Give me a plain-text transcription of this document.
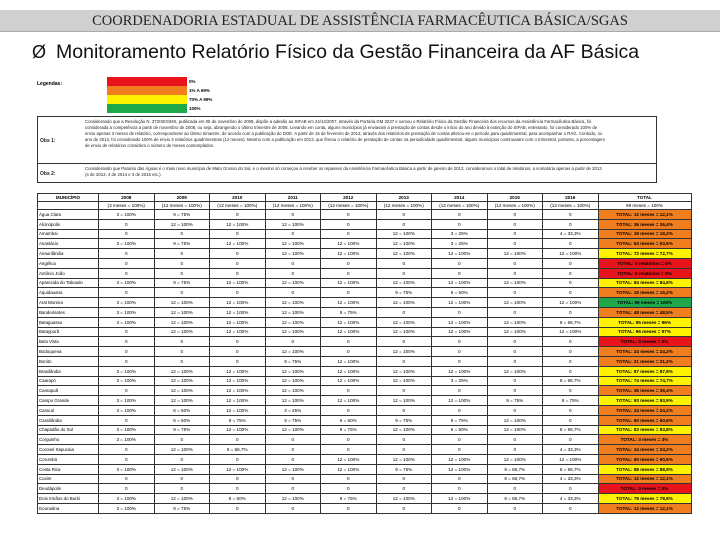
COORDENADORIA ESTADUAL DE ASSISTÊNCIA FARMACÊUTICA BÁSICA/SGAS
Ø Monitoramento Relatório Físico da Gestão Financeira da AF Básica
Legendas:	0%
1% A 69%
70% A 99%
100%
Obs 1:
Considerando que a Resolução N. 373/SES/MS, publicada em 05 de novembro de 2008, dispõe a adesão ao SIFAB em 24/12/2007, através da Portaria GM 3237 e somou o Relatório Físico da Gestão Financeira dos recursos da Assistência Farmacêutica Básica, foi considerada a competência a partir de novembro de 2008, ou seja, abrangendo o último trimestre de 2008. Levando em conta, alguns municípios já enviavam a prestação de contas desde o início do ano devido à extinção do SIFAB, entretanto, foi considerado 100% de envio apenas 3 meses de relatório, correspondente ao último trimestre, de acordo com a publicação do DOE. A partir de 15 de fevereiro de 2013, através dos relatórios de prestação de contas alterou-se o período para quadrimestral, para acompanhar o RAG. Contudo, no ano de 2013, foi considerado 100% de envio 3 relatórios quadrimestrais (12 meses). Mesmo com a publicação em 2013, que firmou o relatório de prestação de contas na periodicidade quadrimestral, alguns municípios continuaram com o trimestral, portanto, a porcentagem de envio de relatórios considera o número de meses contemplados.
Obs 2:
Considerando que Paraíso das Águas é o mais novo município de Mato Grosso do Sul, e o mesmo só começou a receber os repasses da Assistência Farmacêutica Básica a partir de janeiro de 2013, consideramos o total de relatórios, a somatória apenas a partir de 2013 (4 de 2013, 4 de 2014 e 3 de 2015 etc.).
MUNICÍPIO	2008	2009	2010	2011	2012	2013	2014	2015	2016	TOTAL
	(3 meses = 100%)	(12 meses = 100%)	(12 meses = 100%)	(12 meses = 100%)	(12 meses = 100%)	(12 meses = 100%)	(12 meses = 100%)	(12 meses = 100%)	(12 meses = 100%)	99 meses = 100%
Água Clara	3 = 100%	9 = 75%	0	0	0	0	0	0	0	TOTAL: 12 meses = 12,1%
Alcinópolis	0	12 = 100%	12 = 100%	12 = 100%	0	0	0	0	0	TOTAL: 36 meses = 36,4%
Amambai	0	0	0	0	0	12 = 100%	3 = 25%	0	4 = 33,3%	TOTAL: 19 meses = 19,2%
Anastácio	3 = 100%	9 = 75%	12 = 100%	12 = 100%	12 = 100%	12 = 100%	3 = 25%	0	0	TOTAL: 63 meses = 63,6%
Anaurilândia	0	0	0	12 = 100%	12 = 100%	12 = 100%	12 = 100%	12 = 100%	12 = 100%	TOTAL: 72 meses = 72,7%
Angélica	0	0	0	0	0	0	0	0	0	TOTAL: 0 relatórios = 0%
Antônio João	0	0	0	0	0	0	0	0	0	TOTAL: 0 relatórios = 0%
Aparecida do Taboado	3 = 100%	9 = 75%	12 = 100%	12 = 100%	12 = 100%	12 = 100%	12 = 100%	12 = 100%	0	TOTAL: 84 meses = 84,8%
Aquidauana	0	0	0	0	0	9 = 75%	6 = 50%	0	0	TOTAL: 15 meses = 15,2%
Aral Moreira	3 = 100%	12 = 100%	12 = 100%	12 = 100%	12 = 100%	12 = 100%	12 = 100%	12 = 100%	12 = 100%	TOTAL: 99 meses = 100%
Bandeirantes	3 = 100%	12 = 100%	12 = 100%	12 = 100%	9 = 75%	0	0	0	0	TOTAL: 48 meses = 48,5%
Bataguassu	3 = 100%	12 = 100%	12 = 100%	12 = 100%	12 = 100%	12 = 100%	12 = 100%	12 = 100%	8 = 66,7%	TOTAL: 95 meses = 96%
Batayporã	0	12 = 100%	12 = 100%	12 = 100%	12 = 100%	12 = 100%	12 = 100%	12 = 100%	12 = 100%	TOTAL: 96 meses = 97%
Bela Vista	0	0	0	0	0	0	0	0	0	TOTAL: 0 meses = 0%
Bodoquena	0	0	0	12 = 100%	0	12 = 100%	0	0	0	TOTAL: 24 meses = 24,2%
Bonito	0	0	0	9 = 75%	12 = 100%	0	0	0	0	TOTAL: 21 meses = 21,2%
Brasilândia	3 = 100%	12 = 100%	12 = 100%	12 = 100%	12 = 100%	12 = 100%	12 = 100%	12 = 100%	0	TOTAL: 87 meses = 87,9%
Caarapó	3 = 100%	12 = 100%	12 = 100%	12 = 100%	12 = 100%	12 = 100%	3 = 25%	0	8 = 66,7%	TOTAL: 74 meses = 74,7%
Camapuã	0	12 = 100%	12 = 100%	12 = 100%	0	0	0	0	0	TOTAL: 36 meses = 36,4%
Campo Grande	3 = 100%	12 = 100%	12 = 100%	12 = 100%	12 = 100%	12 = 100%	12 = 100%	9 = 75%	9 = 75%	TOTAL: 93 meses = 93,9%
Caracol	3 = 100%	6 = 50%	12 = 100%	3 = 25%	0	0	0	0	0	TOTAL: 24 meses = 24,2%
Cassilândia	0	6 = 50%	9 = 75%	9 = 75%	6 = 50%	9 = 75%	9 = 75%	12 = 100%	0	TOTAL: 60 meses = 60,6%
Chapadão do Sul	3 = 100%	9 = 75%	12 = 100%	12 = 100%	9 = 75%	12 = 100%	6 = 50%	12 = 100%	8 = 66,7%	TOTAL: 83 meses = 83,8%
Corguinho	3 = 100%	0	0	0	0	0	0	0	0	TOTAL: 3 meses = 3%
Coronel Sapucaia	0	12 = 100%	8 = 66,7%	0	0	0	0	0	4 = 33,3%	TOTAL: 24 meses = 24,2%
Corumbá	0	0	0	0	12 = 100%	12 = 100%	12 = 100%	12 = 100%	12 = 100%	TOTAL: 60 meses = 60,6%
Costa Rica	3 = 100%	12 = 100%	12 = 100%	12 = 100%	12 = 100%	9 = 75%	12 = 100%	8 = 66,7%	8 = 66,7%	TOTAL: 88 meses = 88,9%
Coxim	0	0	0	0	0	0	0	8 = 66,7%	4 = 33,3%	TOTAL: 12 meses = 12,1%
Deodápolis	0	0	0	0	0	0	0	0	0	TOTAL: 0 meses = 0%
Dois Irmãos do Buriti	3 = 100%	12 = 100%	6 = 50%	12 = 100%	9 = 75%	12 = 100%	12 = 100%	8 = 66,7%	4 = 33,3%	TOTAL: 78 meses = 78,8%
Douradina	3 = 100%	9 = 75%	0	0	0	0	0	0	0	TOTAL: 12 meses = 12,1%
